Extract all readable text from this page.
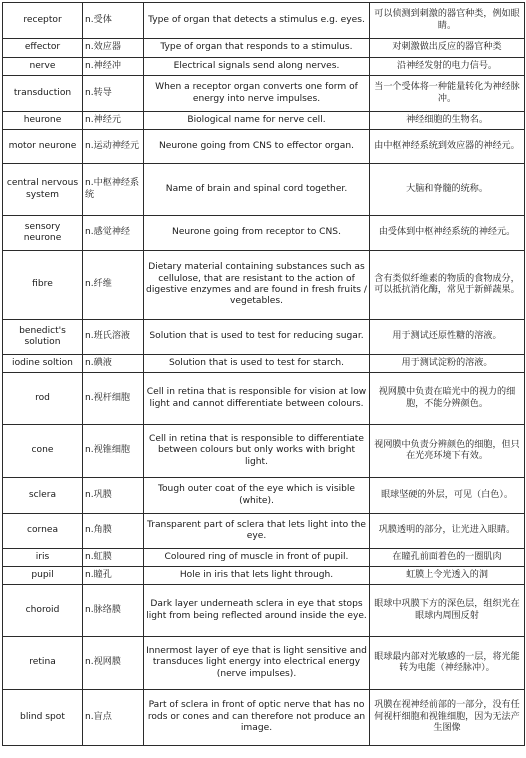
receptor	n.受体	Type of organ that detects a stimulus e.g. eyes.	可以侦测到刺激的器官种类，例如眼睛。
effector	n.效应器	Type of organ that responds to a stimulus.	对刺激做出反应的器官种类
nerve	n.神经冲	Electrical signals send along nerves.	沿神经发射的电力信号。
transduction	n.转导	When a receptor organ converts one form of energy into nerve impulses.	当一个受体将一种能量转化为神经脉冲。
heurone	n.神经元	Biological name for nerve cell.	神经细胞的生物名。
motor neurone	n.运动神经元	Neurone going from CNS to effector organ.	由中枢神经系统到效应器的神经元。
central nervous system	n.中枢神经系统	Name of brain and spinal cord together.	大脑和脊髓的统称。
sensory neurone	n.感觉神经	Neurone going from receptor to CNS.	由受体到中枢神经系统的神经元。
fibre	n.纤维	Dietary material containing substances such as cellulose, that are resistant to the action of digestive enzymes and are found in fresh fruits / vegetables.	含有类似纤维素的物质的食物成分，可以抵抗消化酶，常见于新鲜蔬果。
benedict's solution	n.班氏溶液	Solution that is used to test for reducing sugar.	用于测试还原性糖的溶液。
iodine soltion	n.碘液	Solution that is used to test for starch.	用于测试淀粉的溶液。
rod	n.视杆细胞	Cell in retina that is responsible for vision at low light and cannot differentiate between colours.	视网膜中负责在暗光中的视力的细胞，不能分辨颜色。
cone	n.视锥细胞	Cell in retina that is responsible to differentiate between colours but only works with bright light.	视网膜中负责分辨颜色的细胞，但只在光亮环境下有效。
sclera	n.巩膜	Tough outer coat of the eye which is visible (white).	眼球坚硬的外层，可见（白色）。
cornea	n.角膜	Transparent part of sclera that lets light into the eye.	巩膜透明的部分，让光进入眼睛。
iris	n.虹膜	Coloured ring of muscle in front of pupil.	在瞳孔前面着色的一圈肌肉
pupil	n.瞳孔	Hole in iris that lets light through.	虹膜上令光透入的洞
choroid	n.脉络膜	Dark layer underneath sclera in eye that stops light from being reflected around inside the eye.	眼球中巩膜下方的深色层，组织光在眼球内周围反射
retina	n.视网膜	Innermost layer of eye that is light sensitive and transduces light energy into electrical energy (nerve impulses).	眼球最内部对光敏感的一层，将光能转为电能（神经脉冲）。
blind spot	n.盲点	Part of sclera in front of optic nerve that has no rods or cones and can therefore not produce an image.	巩膜在视神经前部的一部分，没有任何视杆细胞和视锥细胞，因为无法产生图像
